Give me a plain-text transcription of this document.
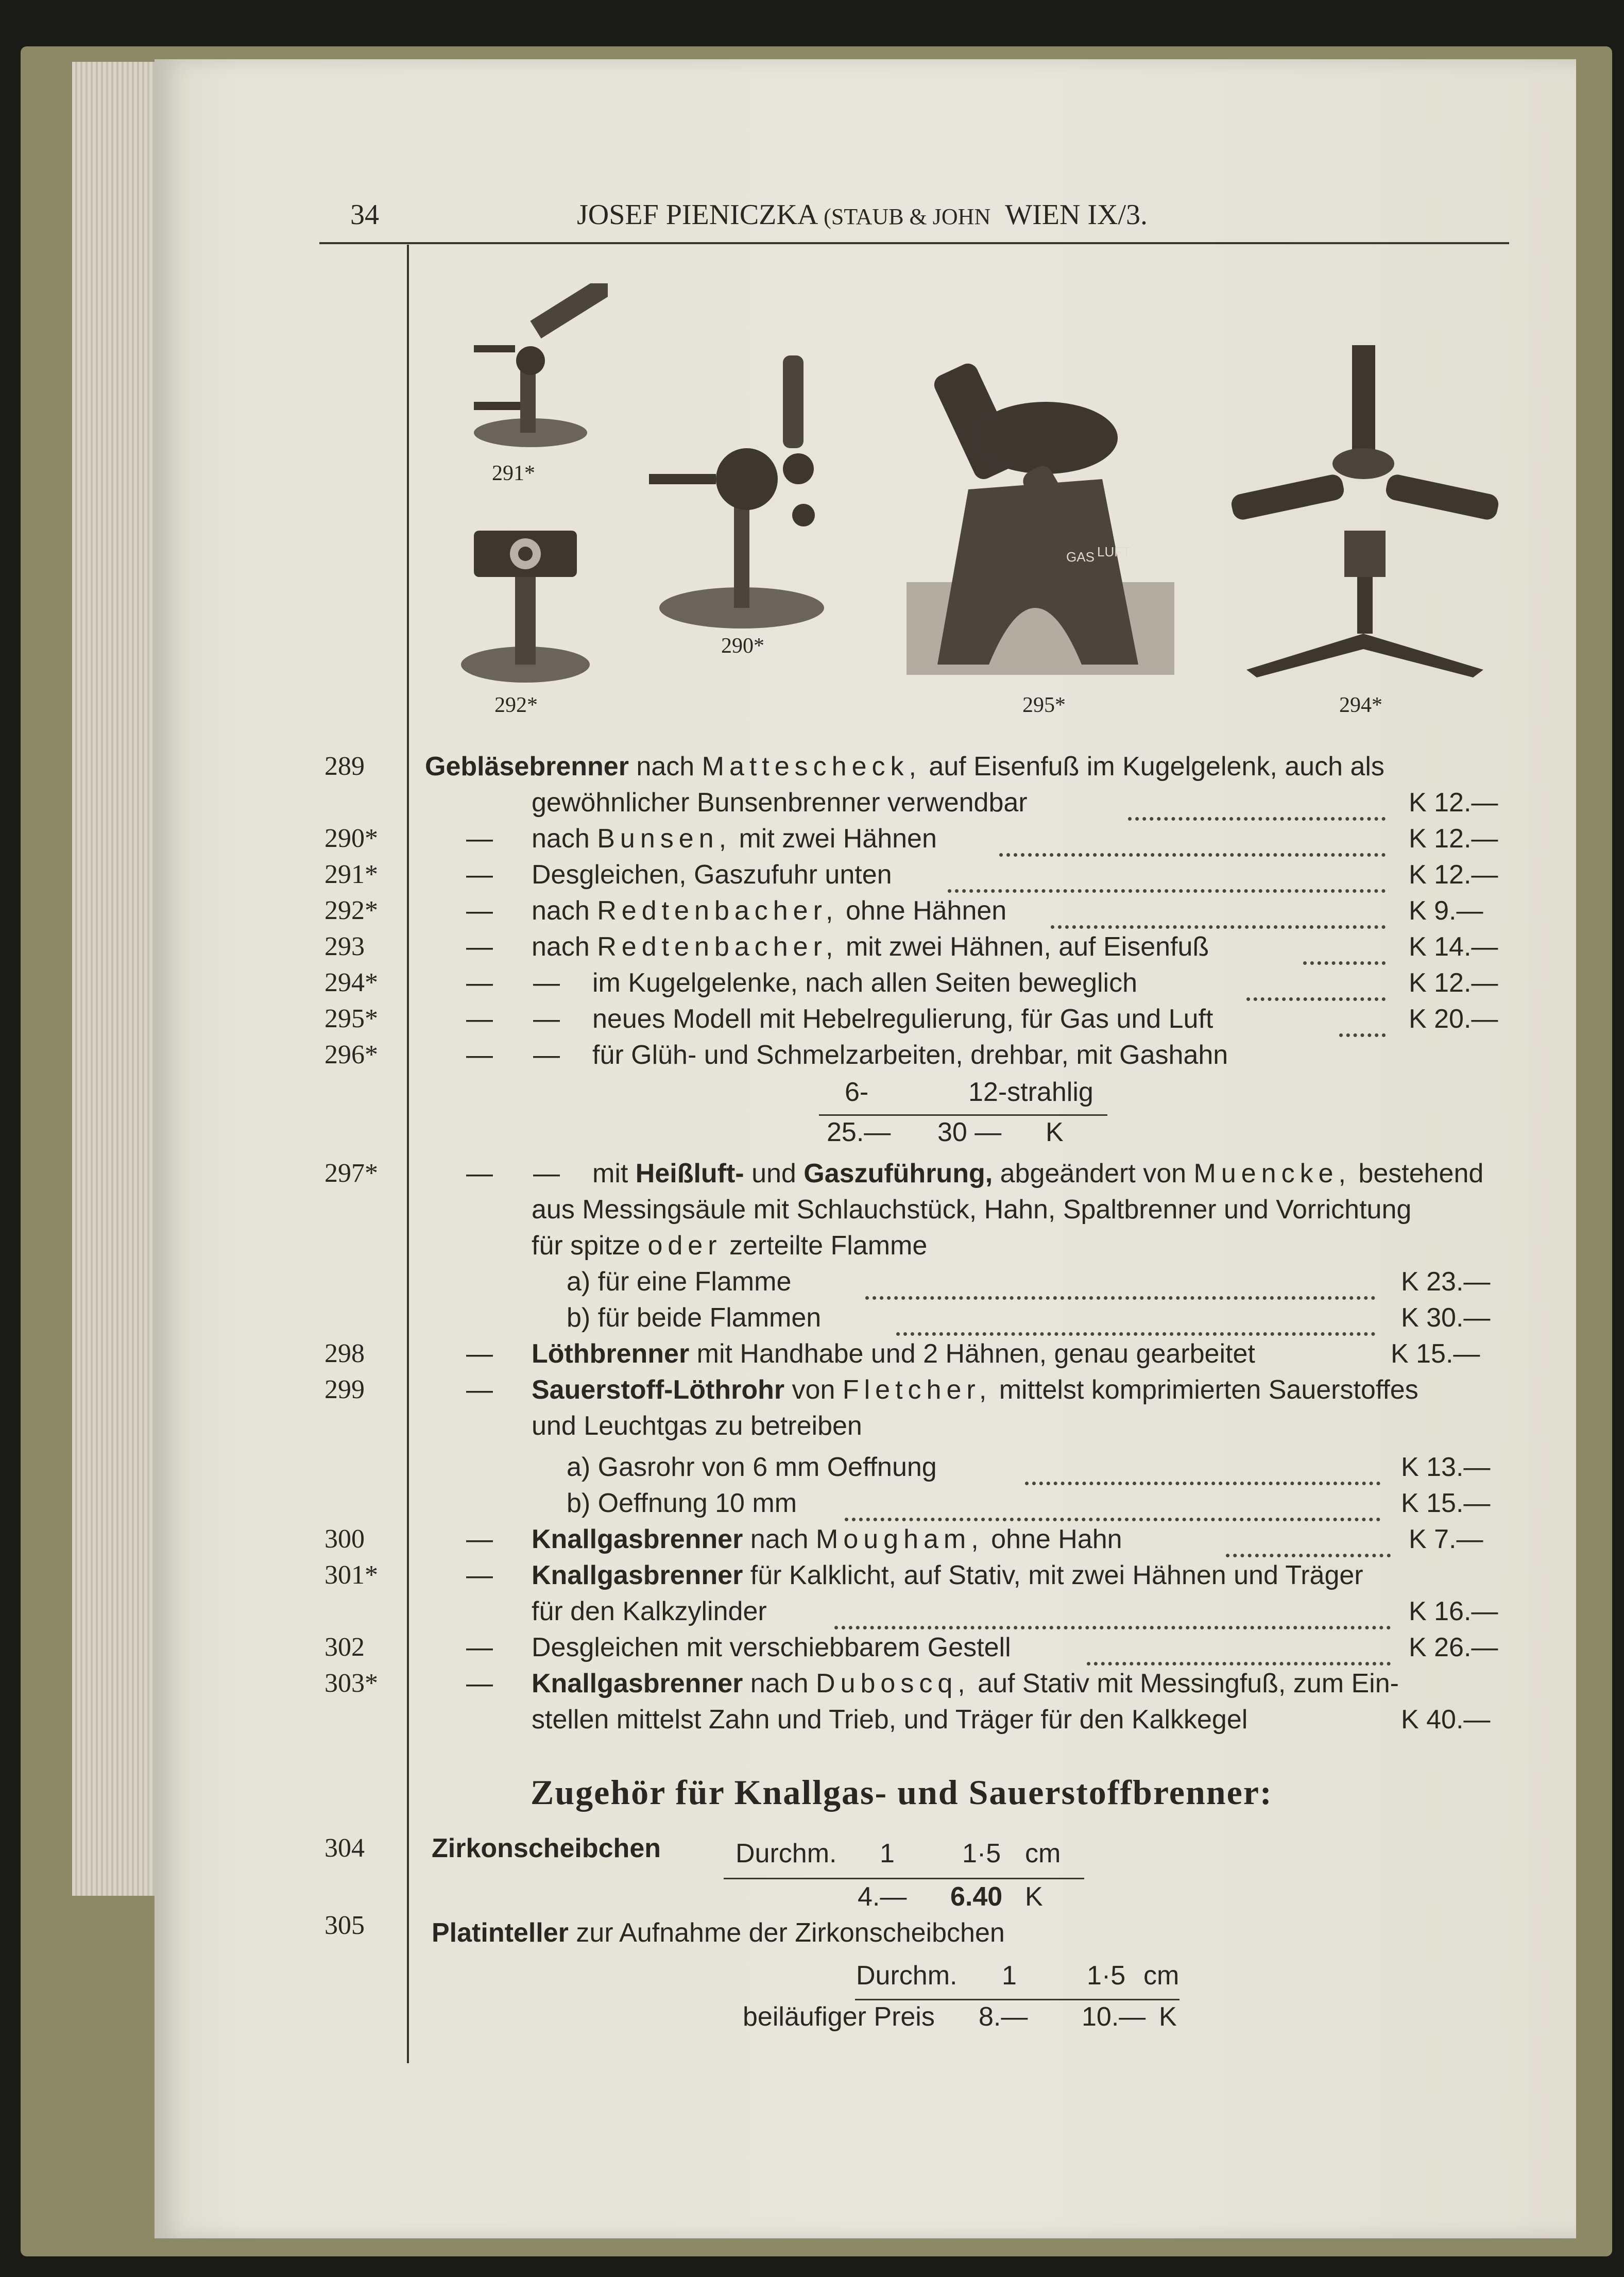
34	JOSEF PIENICZKA (STAUB & JOHN WIEN IX/3.
291*
292*
290*
GAS LUFT
295*	294*
289 Gebläsebrenner nach Mattescheck, auf Eisenfuß im Kugelgelenk, auch als
gewöhnlicher Bunsenbrenner verwendbar	K 12.—
290*	— nach Bunsen, mit zwei Hähnen	K 12.—
291*	— Desgleichen, Gaszufuhr unten	K 12.—
292*	— nach Redtenbacher, ohne Hähnen	K 9.—
293	— nach Redtenbacher, mit zwei Hähnen, auf Eisenfuß	K 14.—
294*	— — im Kugelgelenke, nach allen Seiten beweglich	K 12.—
295*	— — neues Modell mit Hebelregulierung, für Gas und Luft	K 20.—
296*	— — für Glüh- und Schmelzarbeiten, drehbar, mit Gashahn
6-	12-strahlig
25.— 30 — K
297*	— — mit Heißluft- und Gaszuführung, abgeändert von Muencke, bestehend
aus Messingsäule mit Schlauchstück, Hahn, Spaltbrenner und Vorrichtung
für spitze oder zerteilte Flamme
a) für eine Flamme	K 23.—
b) für beide Flammen	K 30.—
298	— Löthbrenner mit Handhabe und 2 Hähnen, genau gearbeitet	K 15.—
299	— Sauerstoff-Löthrohr von Fletcher, mittelst komprimierten Sauerstoffes
und Leuchtgas zu betreiben
a) Gasrohr von 6 mm Oeffnung	K 13.—
b) Oeffnung 10 mm	K 15.—
300	— Knallgasbrenner nach Mougham, ohne Hahn	K 7.—
301*	— Knallgasbrenner für Kalklicht, auf Stativ, mit zwei Hähnen und Träger
für den Kalkzylinder	K 16.—
302	— Desgleichen mit verschiebbarem Gestell	K 26.—
303*	— Knallgasbrenner nach Duboscq, auf Stativ mit Messingfuß, zum Ein-
stellen mittelst Zahn und Trieb, und Träger für den Kalkkegel	K 40.—
Zugehör für Knallgas- und Sauerstoffbrenner:
304	Zirkonscheibchen	Durchm. 1	1·5 cm
4.— 6.40 K
305	Platinteller zur Aufnahme der Zirkonscheibchen
Durchm. 1	1·5 cm
beiläufiger Preis 8.— 10.— K
